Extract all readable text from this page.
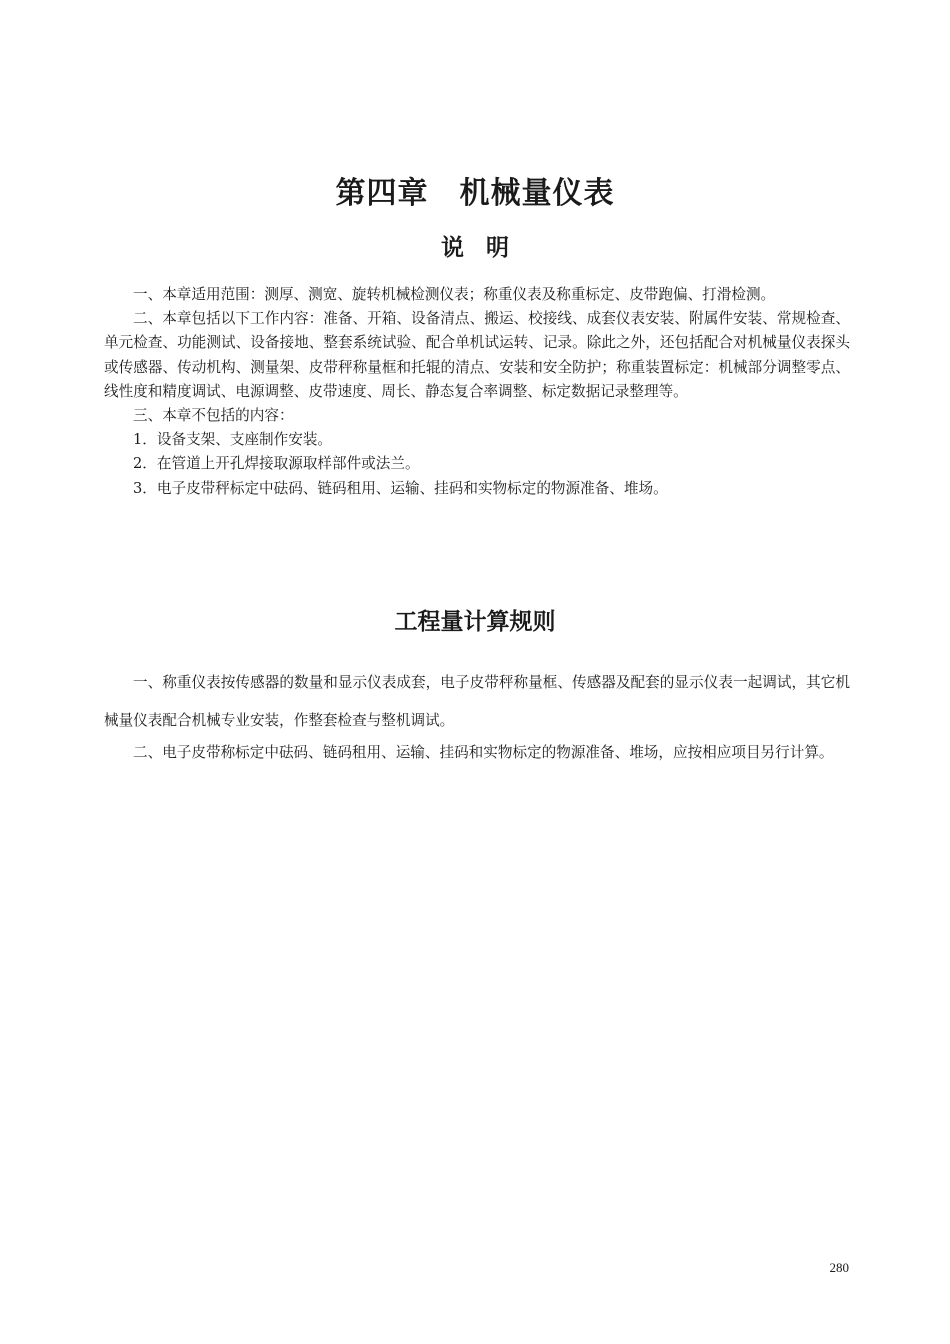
第四章　机械量仪表
说明

一、本章适用范围：测厚、测宽、旋转机械检测仪表；称重仪表及称重标定、皮带跑偏、打滑检测。

二、本章包括以下工作内容：准备、开箱、设备清点、搬运、校接线、成套仪表安装、附属件安装、常规检查、单元检查、功能测试、设备接地、整套系统试验、配合单机试运转、记录。除此之外，还包括配合对机械量仪表探头或传感器、传动机构、测量架、皮带秤称量框和托辊的清点、安装和安全防护；称重装置标定：机械部分调整零点、线性度和精度调试、电源调整、皮带速度、周长、静态复合率调整、标定数据记录整理等。

三、本章不包括的内容：

1．设备支架、支座制作安装。

2．在管道上开孔焊接取源取样部件或法兰。

3．电子皮带秤标定中砝码、链码租用、运输、挂码和实物标定的物源准备、堆场。

工程量计算规则

一、称重仪表按传感器的数量和显示仪表成套，电子皮带秤称量框、传感器及配套的显示仪表一起调试，其它机械量仪表配合机械专业安装，作整套检查与整机调试。

二、电子皮带称标定中砝码、链码租用、运输、挂码和实物标定的物源准备、堆场，应按相应项目另行计算。

280
